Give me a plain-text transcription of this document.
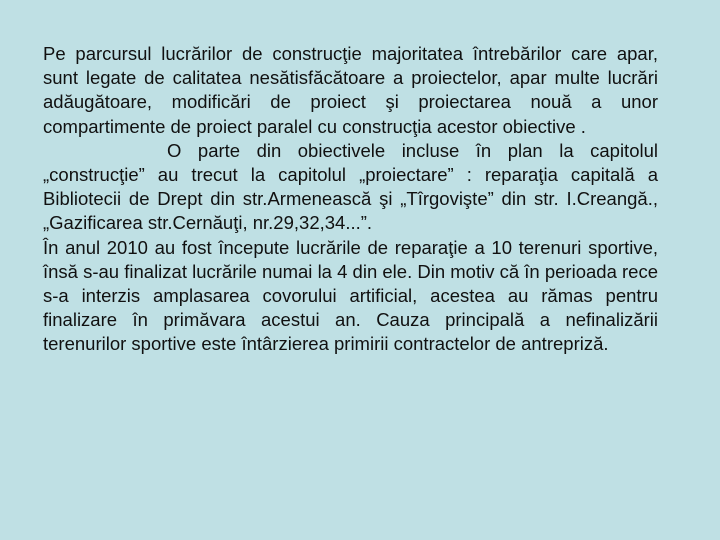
Pe parcursul lucrărilor de construcţie majoritatea întrebărilor care apar, sunt legate de calitatea nesătisfăcătoare a proiectelor, apar multe lucrări adăugătoare, modificări de proiect şi proiectarea nouă a unor compartimente de proiect paralel cu construcţia acestor obiective .

O parte din obiectivele incluse în plan la capitolul „construcţie” au trecut la capitolul „proiectare” : reparaţia capitală a Bibliotecii de Drept din str.Armenească şi „Tîrgovişte” din str. I.Creangă., „Gazificarea str.Cernăuţi, nr.29,32,34...”.

În anul 2010 au fost începute lucrările de reparaţie a 10 terenuri sportive, însă s-au finalizat lucrările numai la 4 din ele. Din motiv că în perioada rece s-a interzis amplasarea covorului artificial, acestea au rămas pentru finalizare în primăvara acestui an. Cauza principală a nefinalizării terenurilor sportive este întârzierea primirii contractelor de antrepriză.
